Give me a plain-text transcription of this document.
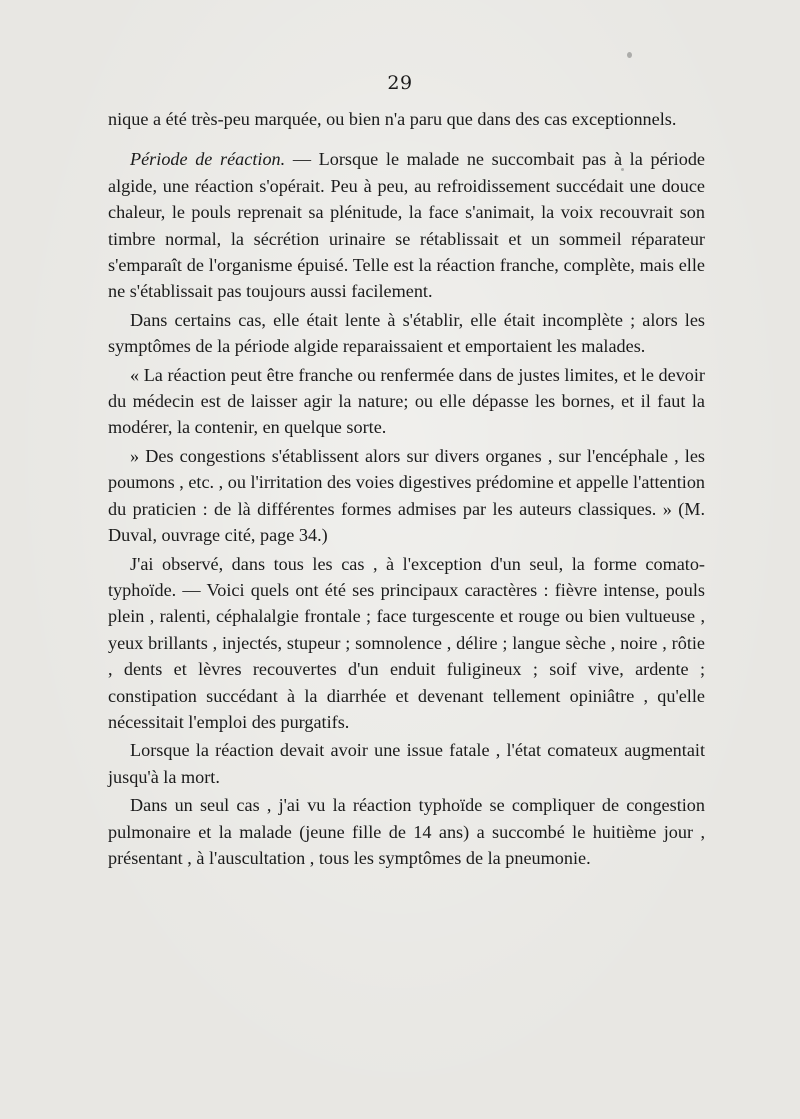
29

nique a été très-peu marquée, ou bien n'a paru que dans des cas exceptionnels.

Période de réaction. — Lorsque le malade ne succombait pas à la période algide, une réaction s'opérait. Peu à peu, au refroidissement succédait une douce chaleur, le pouls reprenait sa plénitude, la face s'animait, la voix recouvrait son timbre normal, la sécrétion urinaire se rétablissait et un sommeil réparateur s'emparaît de l'organisme épuisé. Telle est la réaction franche, complète, mais elle ne s'établissait pas toujours aussi facilement.

Dans certains cas, elle était lente à s'établir, elle était incomplète ; alors les symptômes de la période algide reparaissaient et emportaient les malades.

« La réaction peut être franche ou renfermée dans de justes limites, et le devoir du médecin est de laisser agir la nature; ou elle dépasse les bornes, et il faut la modérer, la contenir, en quelque sorte.

» Des congestions s'établissent alors sur divers organes , sur l'encéphale , les poumons , etc. , ou l'irritation des voies digestives prédomine et appelle l'attention du praticien : de là différentes formes admises par les auteurs classiques. » (M. Duval, ouvrage cité, page 34.)

J'ai observé, dans tous les cas , à l'exception d'un seul, la forme comato-typhoïde. — Voici quels ont été ses principaux caractères : fièvre intense, pouls plein , ralenti, céphalalgie frontale ; face turgescente et rouge ou bien vultueuse , yeux brillants , injectés, stupeur ; somnolence , délire ; langue sèche , noire , rôtie , dents et lèvres recouvertes d'un enduit fuligineux ; soif vive, ardente ; constipation succédant à la diarrhée et devenant tellement opiniâtre , qu'elle nécessitait l'emploi des purgatifs.

Lorsque la réaction devait avoir une issue fatale , l'état comateux augmentait jusqu'à la mort.

Dans un seul cas , j'ai vu la réaction typhoïde se compliquer de congestion pulmonaire et la malade (jeune fille de 14 ans) a succombé le huitième jour , présentant , à l'auscultation , tous les symptômes de la pneumonie.
